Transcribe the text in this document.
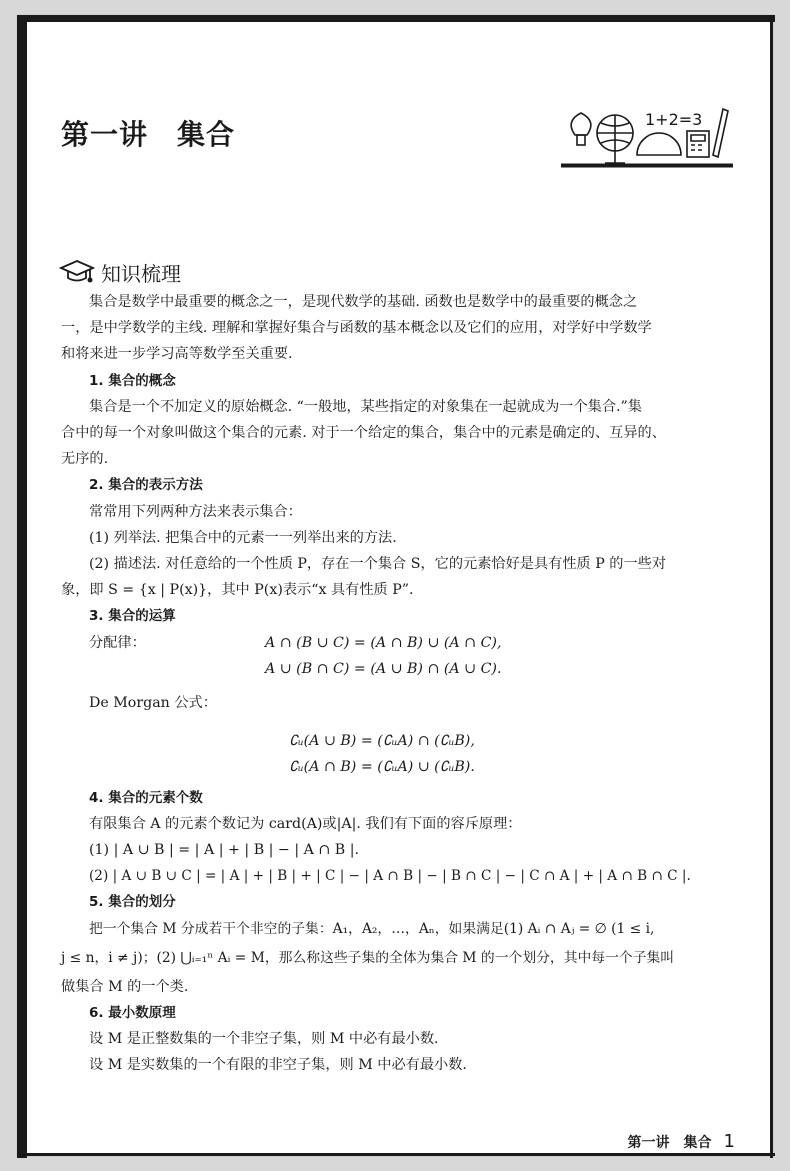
第一讲　集合	1+2=3
知识梳理

集合是数学中最重要的概念之一，是现代数学的基础. 函数也是数学中的最重要的概念之

一，是中学数学的主线. 理解和掌握好集合与函数的基本概念以及它们的应用，对学好中学数学

和将来进一步学习高等数学至关重要.

1. 集合的概念

集合是一个不加定义的原始概念. “一般地，某些指定的对象集在一起就成为一个集合.”集

合中的每一个对象叫做这个集合的元素. 对于一个给定的集合，集合中的元素是确定的、互异的、

无序的.

2. 集合的表示方法

常常用下列两种方法来表示集合：

(1) 列举法. 把集合中的元素一一列举出来的方法.

(2) 描述法. 对任意给的一个性质 P，存在一个集合 S，它的元素恰好是具有性质 P 的一些对

象，即 S = {x | P(x)}，其中 P(x)表示“x 具有性质 P”.

3. 集合的运算

分配律：	A ∩ (B ∪ C) = (A ∩ B) ∪ (A ∩ C),
A ∪ (B ∩ C) = (A ∪ B) ∩ (A ∪ C).

De Morgan 公式：

∁ᵤ(A ∪ B) = (∁ᵤA) ∩ (∁ᵤB),

∁ᵤ(A ∩ B) = (∁ᵤA) ∪ (∁ᵤB).

4. 集合的元素个数

有限集合 A 的元素个数记为 card(A)或|A|. 我们有下面的容斥原理：

(1) | A ∪ B | = | A | + | B | − | A ∩ B |.

(2) | A ∪ B ∪ C | = | A | + | B | + | C | − | A ∩ B | − | B ∩ C | − | C ∩ A | + | A ∩ B ∩ C |.

5. 集合的划分

把一个集合 M 分成若干个非空的子集：A₁，A₂，…，Aₙ，如果满足(1) Aᵢ ∩ Aⱼ = ∅ (1 ≤ i,

j ≤ n，i ≠ j)；(2) ⋃ᵢ₌₁ⁿ Aᵢ = M，那么称这些子集的全体为集合 M 的一个划分，其中每一个子集叫

做集合 M 的一个类.

6. 最小数原理

设 M 是正整数集的一个非空子集，则 M 中必有最小数.

设 M 是实数集的一个有限的非空子集，则 M 中必有最小数.

第一讲　集合 1
